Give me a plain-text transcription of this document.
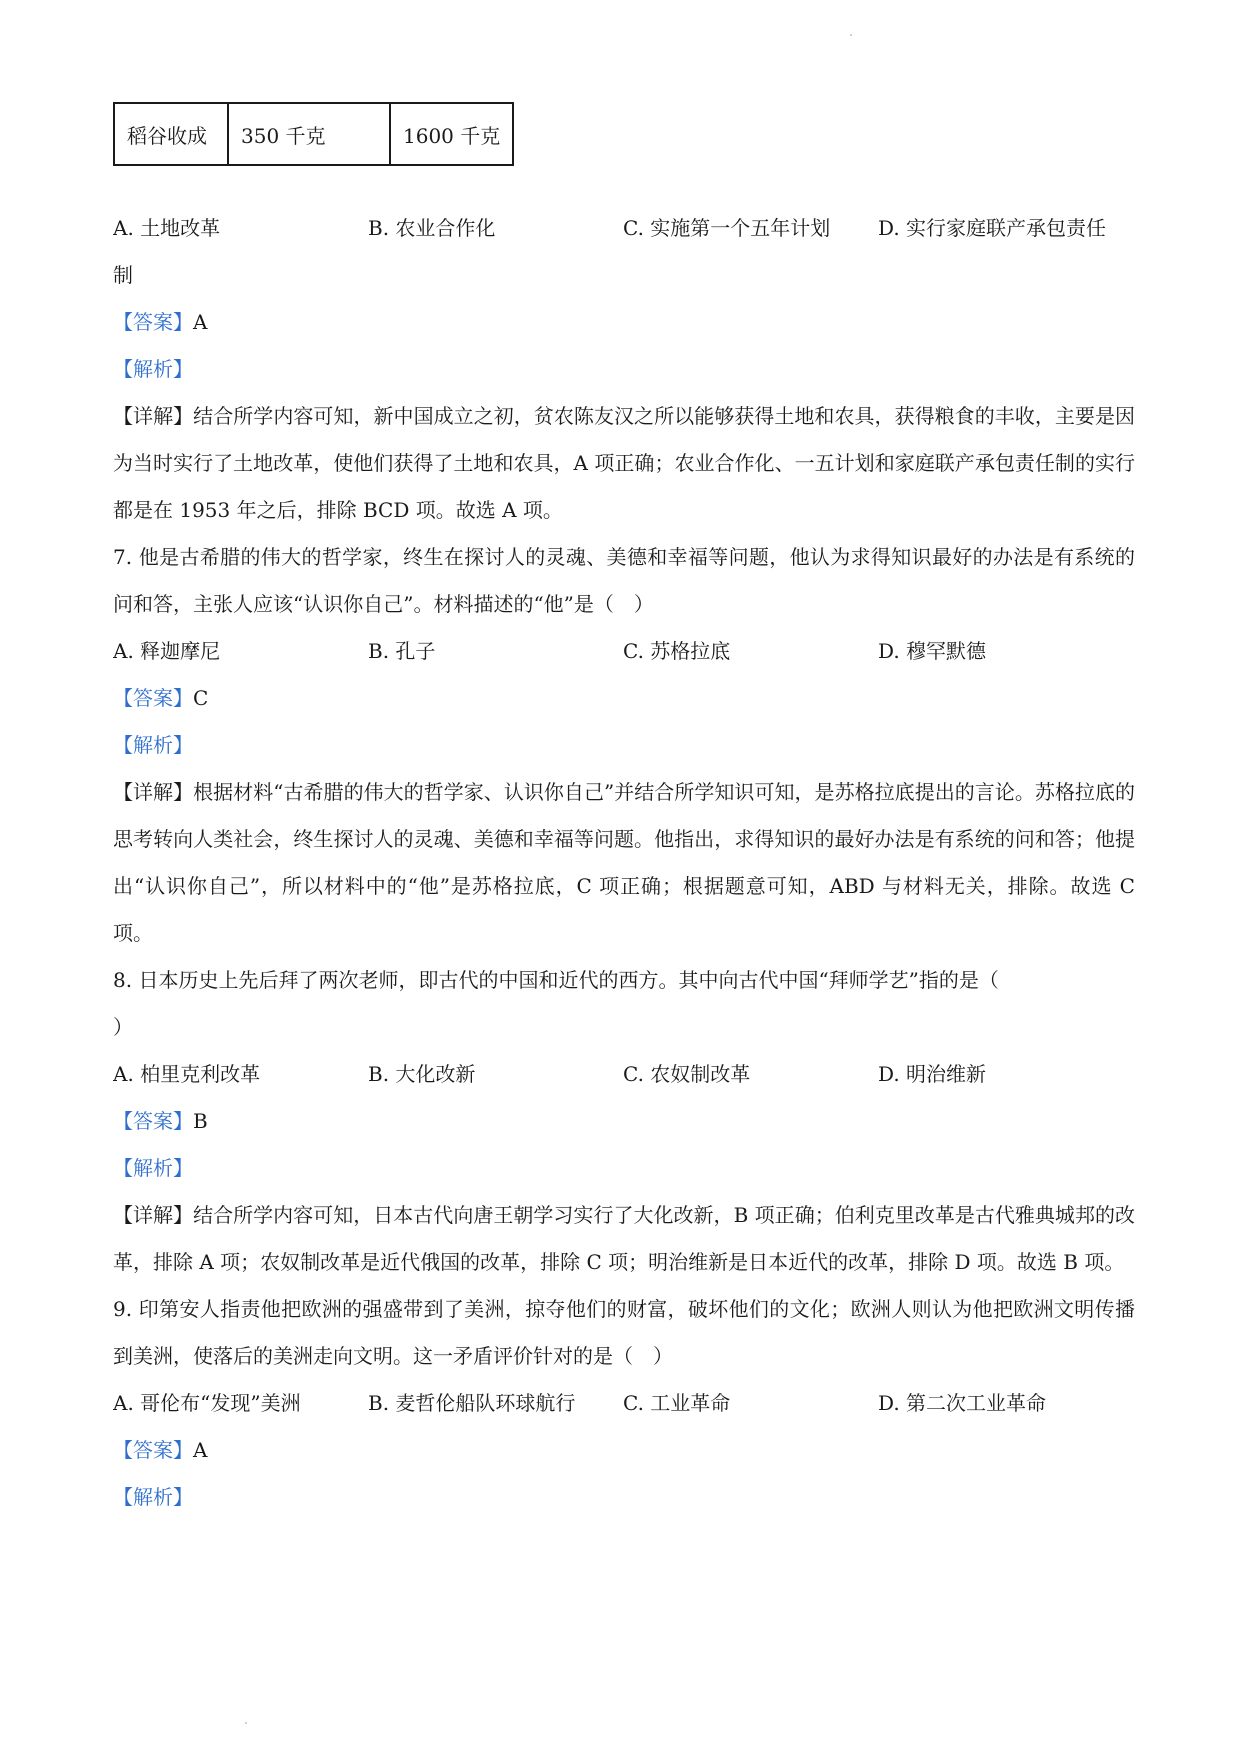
稻谷收成	350 千克	1600 千克
A. 土地改革	B. 农业合作化	C. 实施第一个五年计划	D. 实行家庭联产承包责任
制
【答案】A
【解析】
【详解】结合所学内容可知，新中国成立之初，贫农陈友汉之所以能够获得土地和农具，获得粮食的丰收，主要是因为当时实行了土地改革，使他们获得了土地和农具，A 项正确；农业合作化、一五计划和家庭联产承包责任制的实行都是在 1953 年之后，排除 BCD 项。故选 A 项。
7. 他是古希腊的伟大的哲学家，终生在探讨人的灵魂、美德和幸福等问题，他认为求得知识最好的办法是有系统的问和答，主张人应该“认识你自己”。材料描述的“他”是（　）
A. 释迦摩尼	B. 孔子	C. 苏格拉底	D. 穆罕默德
【答案】C
【解析】
【详解】根据材料“古希腊的伟大的哲学家、认识你自己”并结合所学知识可知，是苏格拉底提出的言论。苏格拉底的思考转向人类社会，终生探讨人的灵魂、美德和幸福等问题。他指出，求得知识的最好办法是有系统的问和答；他提出“认识你自己”，所以材料中的“他”是苏格拉底，C 项正确；根据题意可知，ABD 与材料无关，排除。故选 C 项。
8. 日本历史上先后拜了两次老师，即古代的中国和近代的西方。其中向古代中国“拜师学艺”指的是（
）
A. 柏里克利改革	B. 大化改新	C. 农奴制改革	D. 明治维新
【答案】B
【解析】
【详解】结合所学内容可知，日本古代向唐王朝学习实行了大化改新，B 项正确；伯利克里改革是古代雅典城邦的改革，排除 A 项；农奴制改革是近代俄国的改革，排除 C 项；明治维新是日本近代的改革，排除 D 项。故选 B 项。
9. 印第安人指责他把欧洲的强盛带到了美洲，掠夺他们的财富，破坏他们的文化；欧洲人则认为他把欧洲文明传播到美洲，使落后的美洲走向文明。这一矛盾评价针对的是（　）
A. 哥伦布“发现”美洲	B. 麦哲伦船队环球航行	C. 工业革命	D. 第二次工业革命
【答案】A
【解析】
